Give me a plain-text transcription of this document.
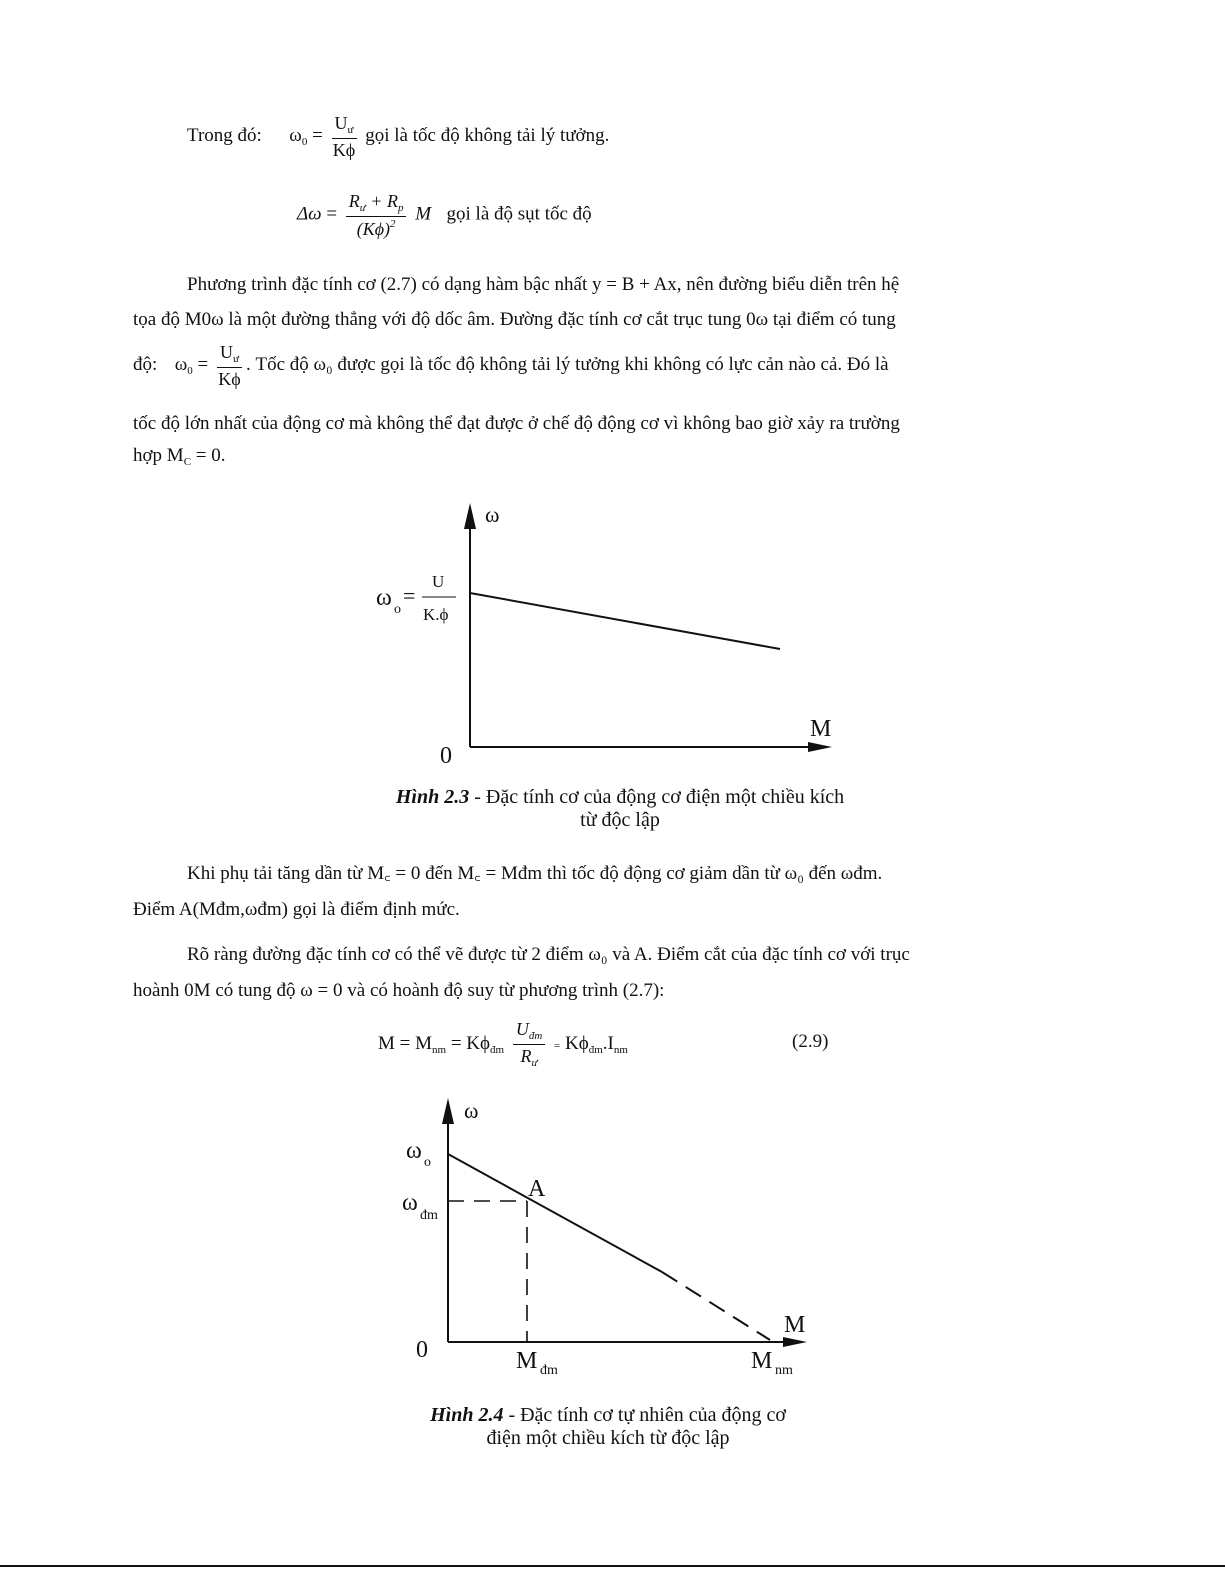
Trong đó: $\omega_0 = \frac{U_ư}{K\phi}$ gọi là tốc độ không tải lý tưởng.
$\Delta\omega = \frac{R_ư + R_p}{(K\phi)^2}$ M gọi là độ sụt tốc độ
Phương trình đặc tính cơ (2.7) có dạng hàm bậc nhất y = B + Ax, nên đường biểu diễn trên hệ
tọa độ M0ω là một đường thẳng với độ dốc âm. Đường đặc tính cơ cắt trục tung 0ω tại điểm có tung
độ: $\omega_0 = \frac{U_ư}{K\phi}$ . Tốc độ ω₀ được gọi là tốc độ không tải lý tưởng khi không có lực cản nào cả. Đó là
tốc độ lớn nhất của động cơ mà không thể đạt được ở chế độ động cơ vì không bao giờ xảy ra trường
hợp $M_C = 0$.
ω
M
0
ω o
=
U
K.ϕ
Hình 2.3 - Đặc tính cơ của động cơ điện một chiều kích
từ độc lập
Khi phụ tải tăng dần từ M꜀ = 0 đến M꜀ = Mđm thì tốc độ động cơ giảm dần từ ω₀ đến ωđm.
Điểm A(Mđm,ωđm) gọi là điểm định mức.
Rõ ràng đường đặc tính cơ có thể vẽ được từ 2 điểm ω₀ và A. Điểm cắt của đặc tính cơ với trục
hoành 0M có tung độ ω = 0 và có hoành độ suy từ phương trình (2.7):
$M = M_{nm} = K\phi_{đm} \frac{U_{đm}}{R_ư} = K\phi_{đm}.I_{nm}$	(2.9)
ω
M
0
ω o
ω đm
A
M đm	M nm
Hình 2.4 - Đặc tính cơ tự nhiên của động cơ
điện một chiều kích từ độc lập
